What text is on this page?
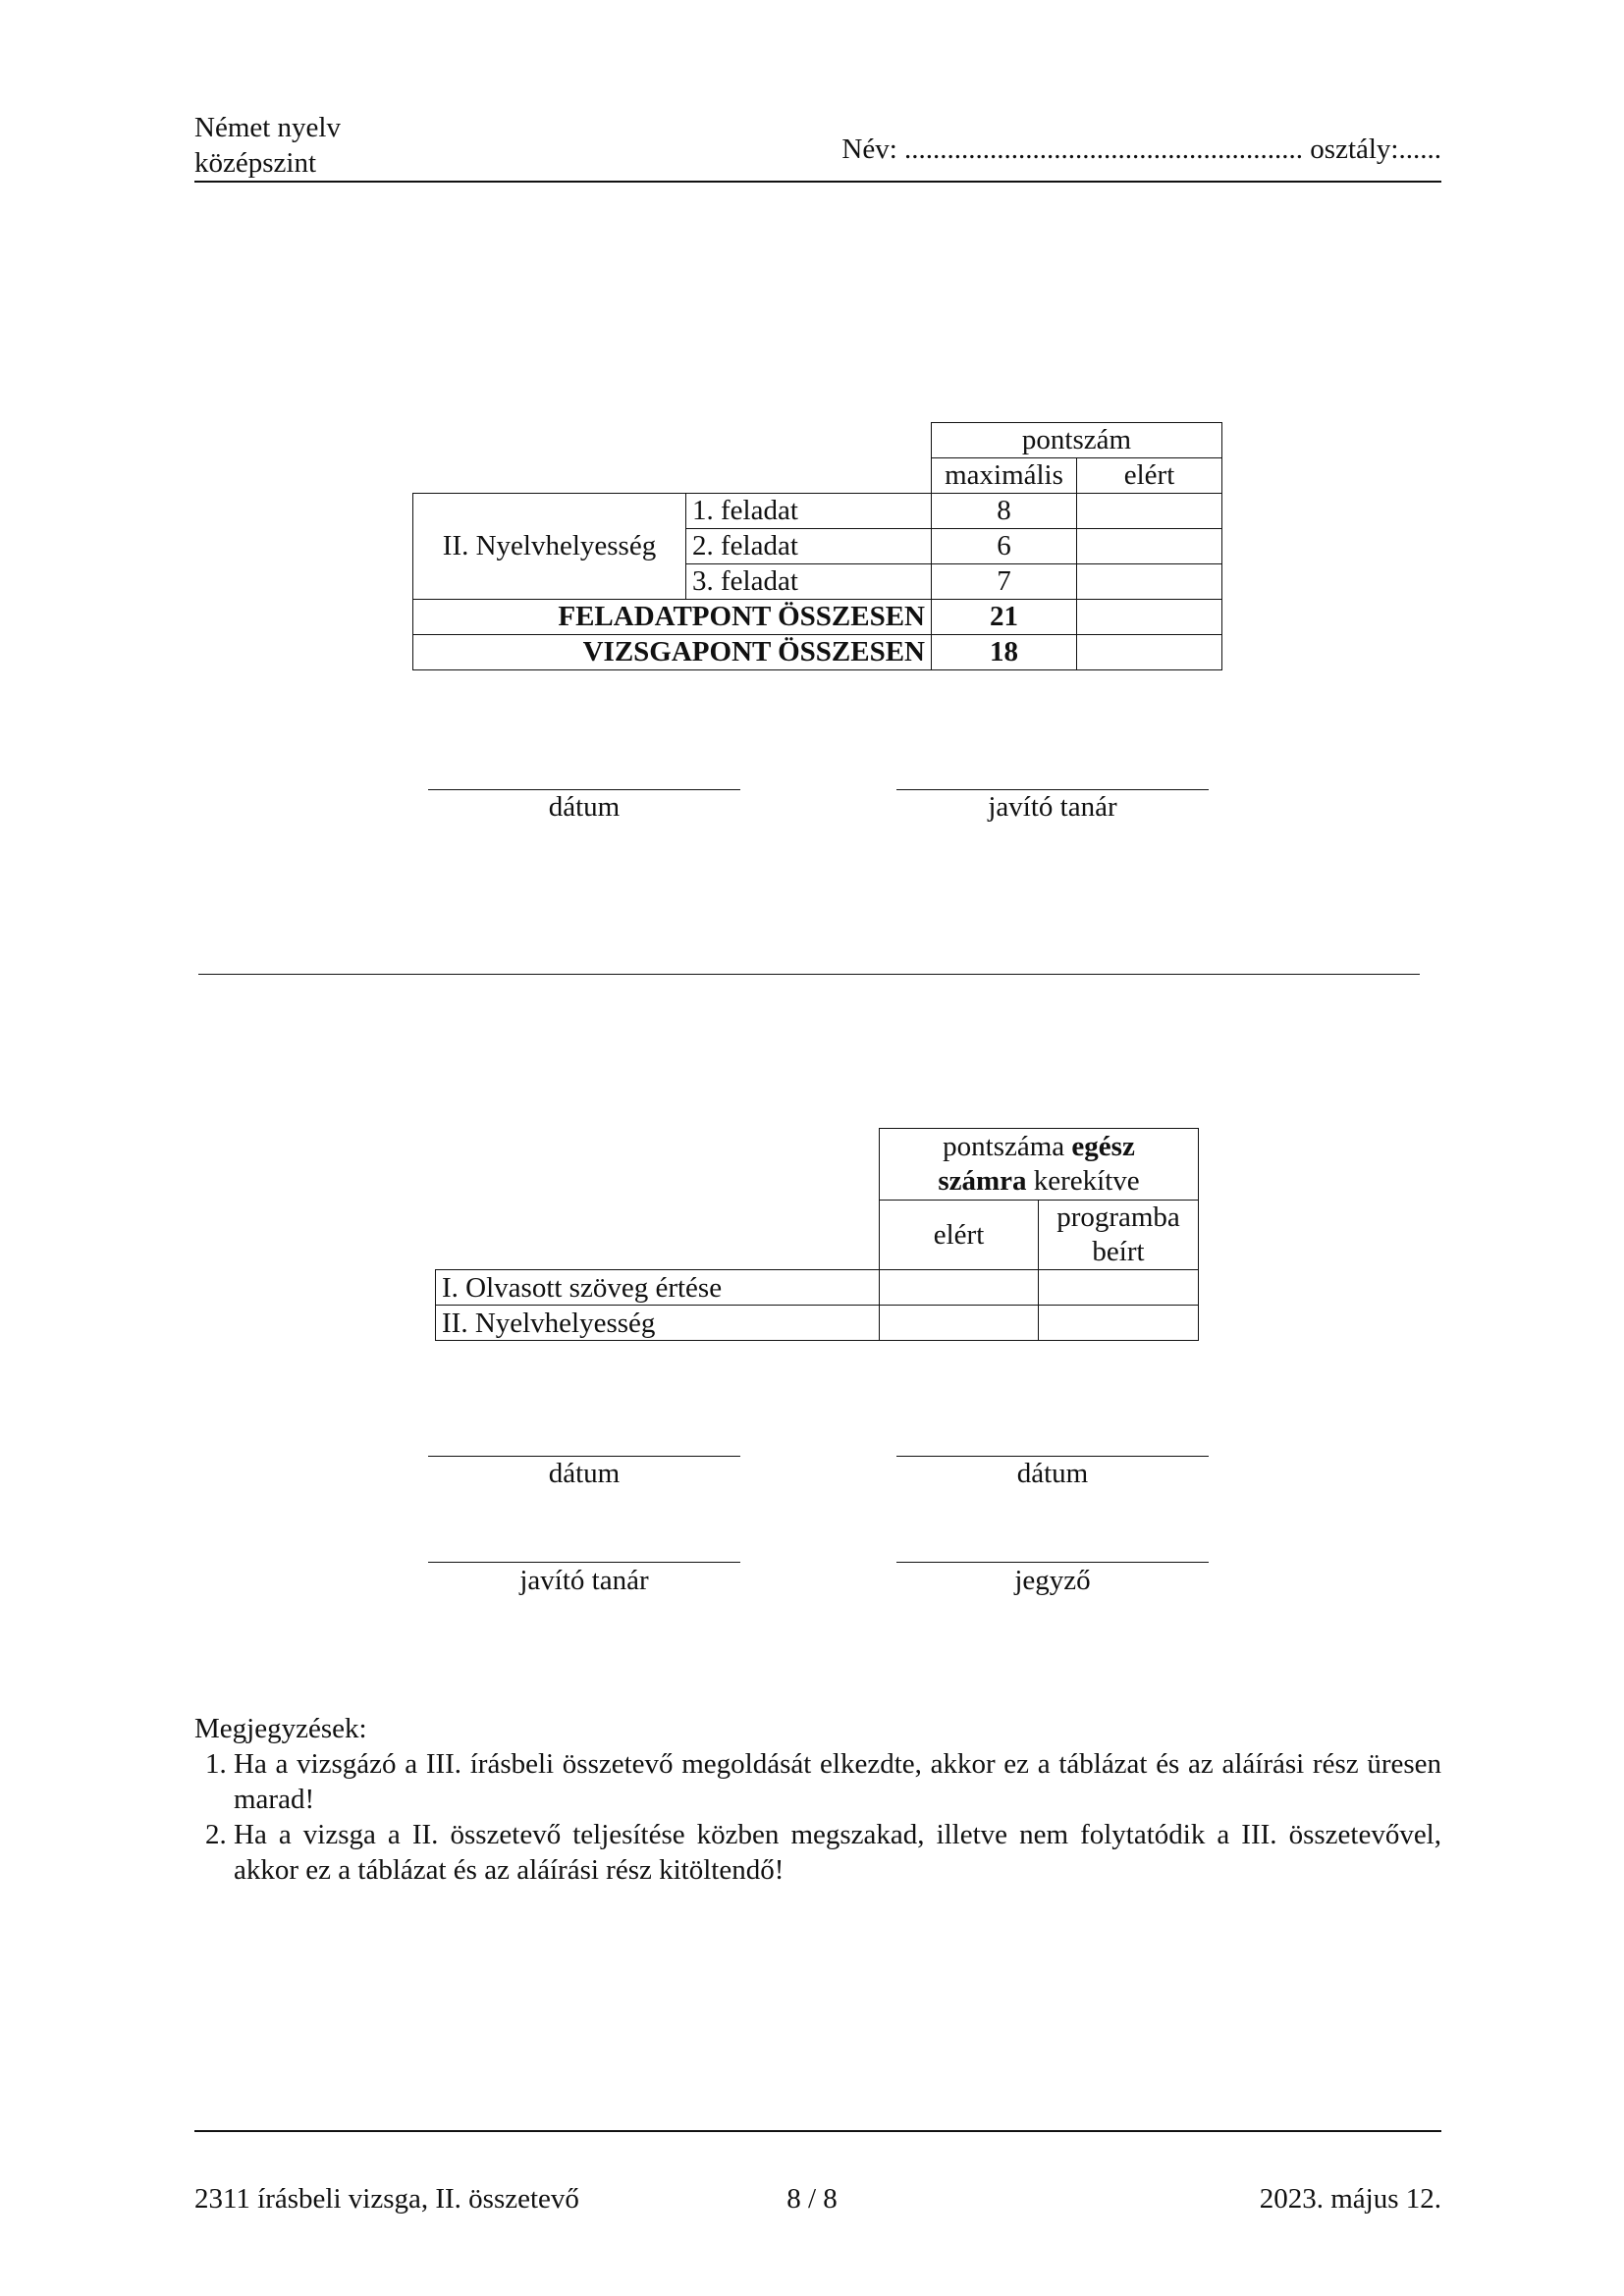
Német nyelv
középszint	Név: ........................................................ osztály:......
		pontszám	
		maximális	elért
II. Nyelvhelyesség	1. feladat	8	
	2. feladat	6	
	3. feladat	7	
FELADATPONT ÖSSZESEN		21	
VIZSGAPONT ÖSSZESEN		18	
dátum	javító tanár
	pontszáma egész
számra kerekítve	
	elért	programba
beírt
I. Olvasott szöveg értése		
II. Nyelvhelyesség		
dátum	dátum
javító tanár	jegyző
Megjegyzések:
1. Ha a vizsgázó a III. írásbeli összetevő megoldását elkezdte, akkor ez a táblázat és az aláírási rész üresen marad!
2. Ha a vizsga a II. összetevő teljesítése közben megszakad, illetve nem folytatódik a III. összetevővel, akkor ez a táblázat és az aláírási rész kitöltendő!
2311 írásbeli vizsga, II. összetevő	8 / 8	2023. május 12.
